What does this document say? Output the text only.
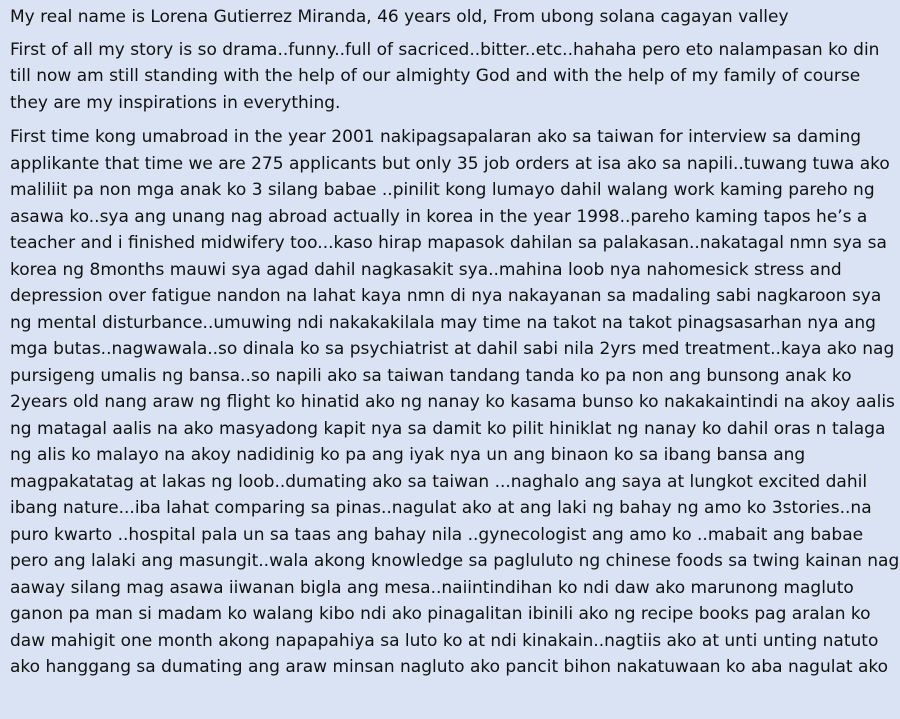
My real name is Lorena Gutierrez Miranda, 46 years old, From ubong solana cagayan valley
First of all my story is so drama..funny..full of sacriced..bitter..etc..hahaha pero eto nalampasan ko din
till now am still standing with the help of our almighty God and with the help of my family of course
they are my inspirations in everything.
First time kong umabroad in the year 2001 nakipagsapalaran ako sa taiwan for interview sa daming
applikante that time we are 275 applicants but only 35 job orders at isa ako sa napili..tuwang tuwa ako
maliliit pa non mga anak ko 3 silang babae ..pinilit kong lumayo dahil walang work kaming pareho ng
asawa ko..sya ang unang nag abroad actually in korea in the year 1998..pareho kaming tapos he’s a
teacher and i finished midwifery too...kaso hirap mapasok dahilan sa palakasan..nakatagal nmn sya sa
korea ng 8months mauwi sya agad dahil nagkasakit sya..mahina loob nya nahomesick stress and
depression over fatigue nandon na lahat kaya nmn di nya nakayanan sa madaling sabi nagkaroon sya
ng mental disturbance..umuwing ndi nakakakilala may time na takot na takot pinagsasarhan nya ang
mga butas..nagwawala..so dinala ko sa psychiatrist at dahil sabi nila 2yrs med treatment..kaya ako nag
pursigeng umalis ng bansa..so napili ako sa taiwan tandang tanda ko pa non ang bunsong anak ko
2years old nang araw ng flight ko hinatid ako ng nanay ko kasama bunso ko nakakaintindi na akoy aalis
ng matagal aalis na ako masyadong kapit nya sa damit ko pilit hiniklat ng nanay ko dahil oras n talaga
ng alis ko malayo na akoy nadidinig ko pa ang iyak nya un ang binaon ko sa ibang bansa ang
magpakatatag at lakas ng loob..dumating ako sa taiwan ...naghalo ang saya at lungkot excited dahil
ibang nature...iba lahat comparing sa pinas..nagulat ako at ang laki ng bahay ng amo ko 3stories..na
puro kwarto ..hospital pala un sa taas ang bahay nila ..gynecologist ang amo ko ..mabait ang babae
pero ang lalaki ang masungit..wala akong knowledge sa pagluluto ng chinese foods sa twing kainan nag
aaway silang mag asawa iiwanan bigla ang mesa..naiintindihan ko ndi daw ako marunong magluto
ganon pa man si madam ko walang kibo ndi ako pinagalitan ibinili ako ng recipe books pag aralan ko
daw mahigit one month akong napapahiya sa luto ko at ndi kinakain..nagtiis ako at unti unting natuto
ako hanggang sa dumating ang araw minsan nagluto ako pancit bihon nakatuwaan ko aba nagulat ako
